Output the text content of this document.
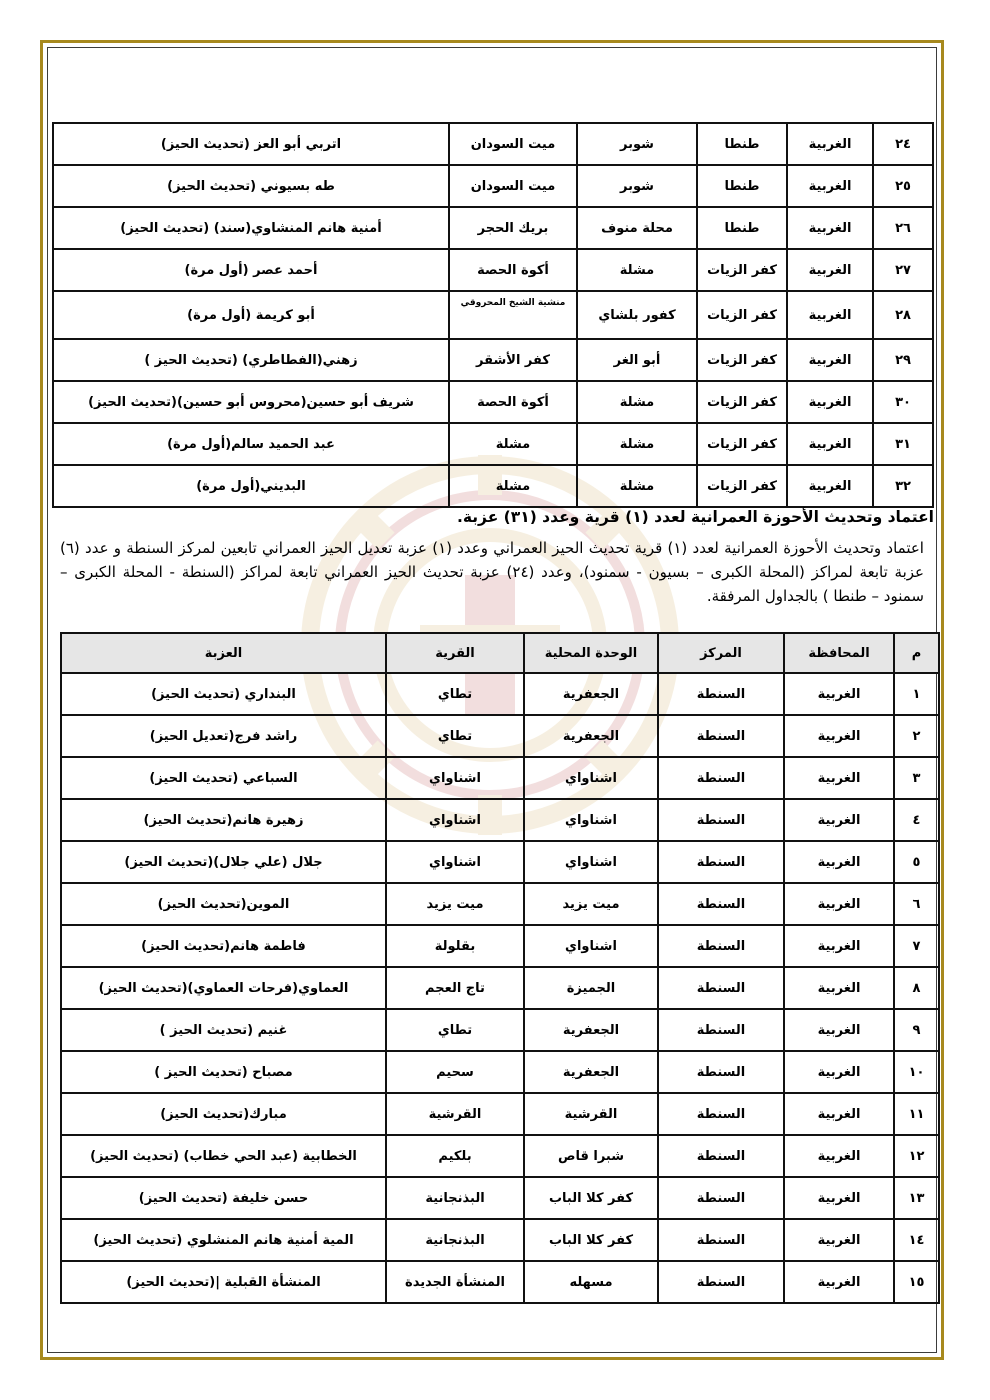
٢٤	الغربية	طنطا	شوبر	ميت السودان	اتربي أبو العز (تحديث الحيز)
٢٥	الغربية	طنطا	شوبر	ميت السودان	طه بسيوني (تحديث الحيز)
٢٦	الغربية	طنطا	محلة منوف	بريك الحجر	أمنية هانم المنشاوي(سند) (تحديث الحيز)
٢٧	الغربية	كفر الزيات	مشلة	أكوة الحصة	أحمد عصر (أول مرة)
٢٨	الغربية	كفر الزيات	كفور بلشاي	منشية الشيخ المحروقي	أبو كريمة (أول مرة)
٢٩	الغربية	كفر الزيات	أبو الغر	كفر الأشقر	زهني(الفطاطري) (تحديث الحيز )
٣٠	الغربية	كفر الزيات	مشلة	أكوة الحصة	شريف أبو حسين(محروس أبو حسين)(تحديث الحيز)
٣١	الغربية	كفر الزيات	مشلة	مشلة	عبد الحميد سالم(أول مرة)
٣٢	الغربية	كفر الزيات	مشلة	مشلة	البديني(أول مرة)
اعتماد وتحديث الأحوزة العمرانية لعدد (١) قرية وعدد (٣١) عزبة.
اعتماد وتحديث الأحوزة العمرانية لعدد (١) قرية تحديث الحيز العمراني وعدد (١) عزبة تعديل الحيز العمراني تابعين لمركز السنطة و عدد (٦) عزبة تابعة لمراكز (المحلة الكبرى – بسيون - سمنود)، وعدد (٢٤) عزبة تحديث الحيز العمراني تابعة لمراكز (السنطة - المحلة الكبرى – سمنود – طنطا ) بالجداول المرفقة.
م	المحافظة	المركز	الوحدة المحلية	القرية	العزبة
١	الغربية	السنطة	الجعفرية	تطاي	البنداري (تحديث الحيز)
٢	الغربية	السنطة	الجعفرية	تطاي	راشد فرج(تعديل الحيز)
٣	الغربية	السنطة	اشناواي	اشناواي	السباعي (تحديث الحيز)
٤	الغربية	السنطة	اشناواي	اشناواي	زهيرة هانم(تحديث الحيز)
٥	الغربية	السنطة	اشناواي	اشناواي	جلال (علي جلال)(تحديث الحيز)
٦	الغربية	السنطة	ميت يزيد	ميت يزيد	الموين(تحديث الحيز)
٧	الغربية	السنطة	اشناواي	بقلولة	فاطمة هانم(تحديث الحيز)
٨	الغربية	السنطة	الجميزة	تاج العجم	العماوي(فرحات العماوي)(تحديث الحيز)
٩	الغربية	السنطة	الجعفرية	تطاي	غنيم (تحديث الحيز )
١٠	الغربية	السنطة	الجعفرية	سحيم	مصباح (تحديث الحيز )
١١	الغربية	السنطة	القرشية	القرشية	مبارك(تحديث الحيز)
١٢	الغربية	السنطة	شبرا قاص	بلكيم	الخطابية (عبد الحي خطاب) (تحديث الحيز)
١٣	الغربية	السنطة	كفر كلا الباب	البذنجانية	حسن خليفة (تحديث الحيز)
١٤	الغربية	السنطة	كفر كلا الباب	البذنجانية	المية أمنية هانم المنشلوي (تحديث الحيز)
١٥	الغربية	السنطة	مسهله	المنشأة الجديدة	المنشأة القبلية |(تحديث الحيز)
